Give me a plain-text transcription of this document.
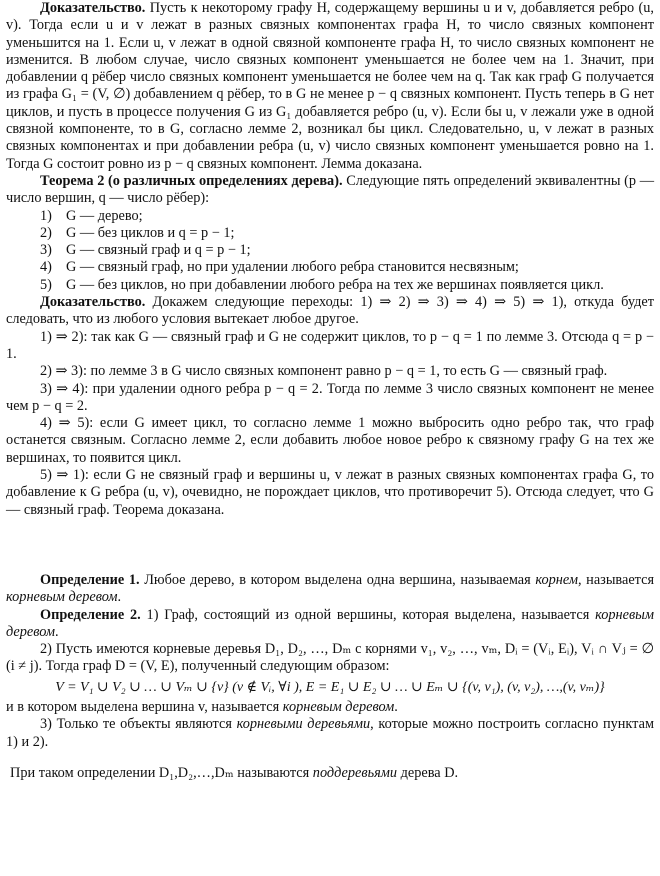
Доказательство. Пусть к некоторому графу H, содержащему вершины u и v, добавляется ребро (u, v). Тогда если u и v лежат в разных связных компонентах графа H, то число связных компонент уменьшится на 1. Если u, v лежат в одной связной компоненте графа H, то число связных компонент не изменится. В любом случае, число связных компонент уменьшается не более чем на 1. Значит, при добавлении q рёбер число связных компонент уменьшается не более чем на q. Так как граф G получается из графа G₁ = (V, ∅) добавлением q рёбер, то в G не менее p − q связных компонент. Пусть теперь в G нет циклов, и пусть в процессе получения G из G₁ добавляется ребро (u, v). Если бы u, v лежали уже в одной связной компоненте, то в G, согласно лемме 2, возникал бы цикл. Следовательно, u, v лежат в разных связных компонентах и при добавлении ребра (u, v) число связных компонент уменьшается ровно на 1. Тогда G состоит ровно из p − q связных компонент. Лемма доказана.

Теорема 2 (о различных определениях дерева). Следующие пять определений эквивалентны (p — число вершин, q — число рёбер):

1) G — дерево;
2) G — без циклов и q = p − 1;
3) G — связный граф и q = p − 1;
4) G — связный граф, но при удалении любого ребра становится несвязным;
5) G — без циклов, но при добавлении любого ребра на тех же вершинах появляется цикл.

Доказательство. Докажем следующие переходы: 1) ⇒ 2) ⇒ 3) ⇒ 4) ⇒ 5) ⇒ 1), откуда будет следовать, что из любого условия вытекает любое другое.

1) ⇒ 2): так как G — связный граф и G не содержит циклов, то p − q = 1 по лемме 3. Отсюда q = p − 1.

2) ⇒ 3): по лемме 3 в G число связных компонент равно p − q = 1, то есть G — связный граф.

3) ⇒ 4): при удалении одного ребра p − q = 2. Тогда по лемме 3 число связных компонент не менее чем p − q = 2.

4) ⇒ 5): если G имеет цикл, то согласно лемме 1 можно выбросить одно ребро так, что граф останется связным. Согласно лемме 2, если добавить любое новое ребро к связному графу G на тех же вершинах, то появится цикл.

5) ⇒ 1): если G не связный граф и вершины u, v лежат в разных связных компонентах графа G, то добавление к G ребра (u, v), очевидно, не порождает циклов, что противоречит 5). Отсюда следует, что G — связный граф. Теорема доказана.

Определение 1. Любое дерево, в котором выделена одна вершина, называемая корнем, называется корневым деревом.

Определение 2. 1) Граф, состоящий из одной вершины, которая выделена, называется корневым деревом.

2) Пусть имеются корневые деревья D₁, D₂, …, Dₘ с корнями v₁, v₂, …, vₘ, Dᵢ = (Vᵢ, Eᵢ), Vᵢ ∩ Vⱼ = ∅ (i ≠ j). Тогда граф D = (V, E), полученный следующим образом:

V = V₁ ∪ V₂ ∪ … ∪ Vₘ ∪ {v} (v ∉ Vᵢ, ∀i ), E = E₁ ∪ E₂ ∪ … ∪ Eₘ ∪ {(v, v₁), (v, v₂), …,(v, vₘ)}

и в котором выделена вершина v, называется корневым деревом.

3) Только те объекты являются корневыми деревьями, которые можно построить согласно пунктам 1) и 2).

При таком определении D₁,D₂,…,Dₘ называются поддеревьями дерева D.
